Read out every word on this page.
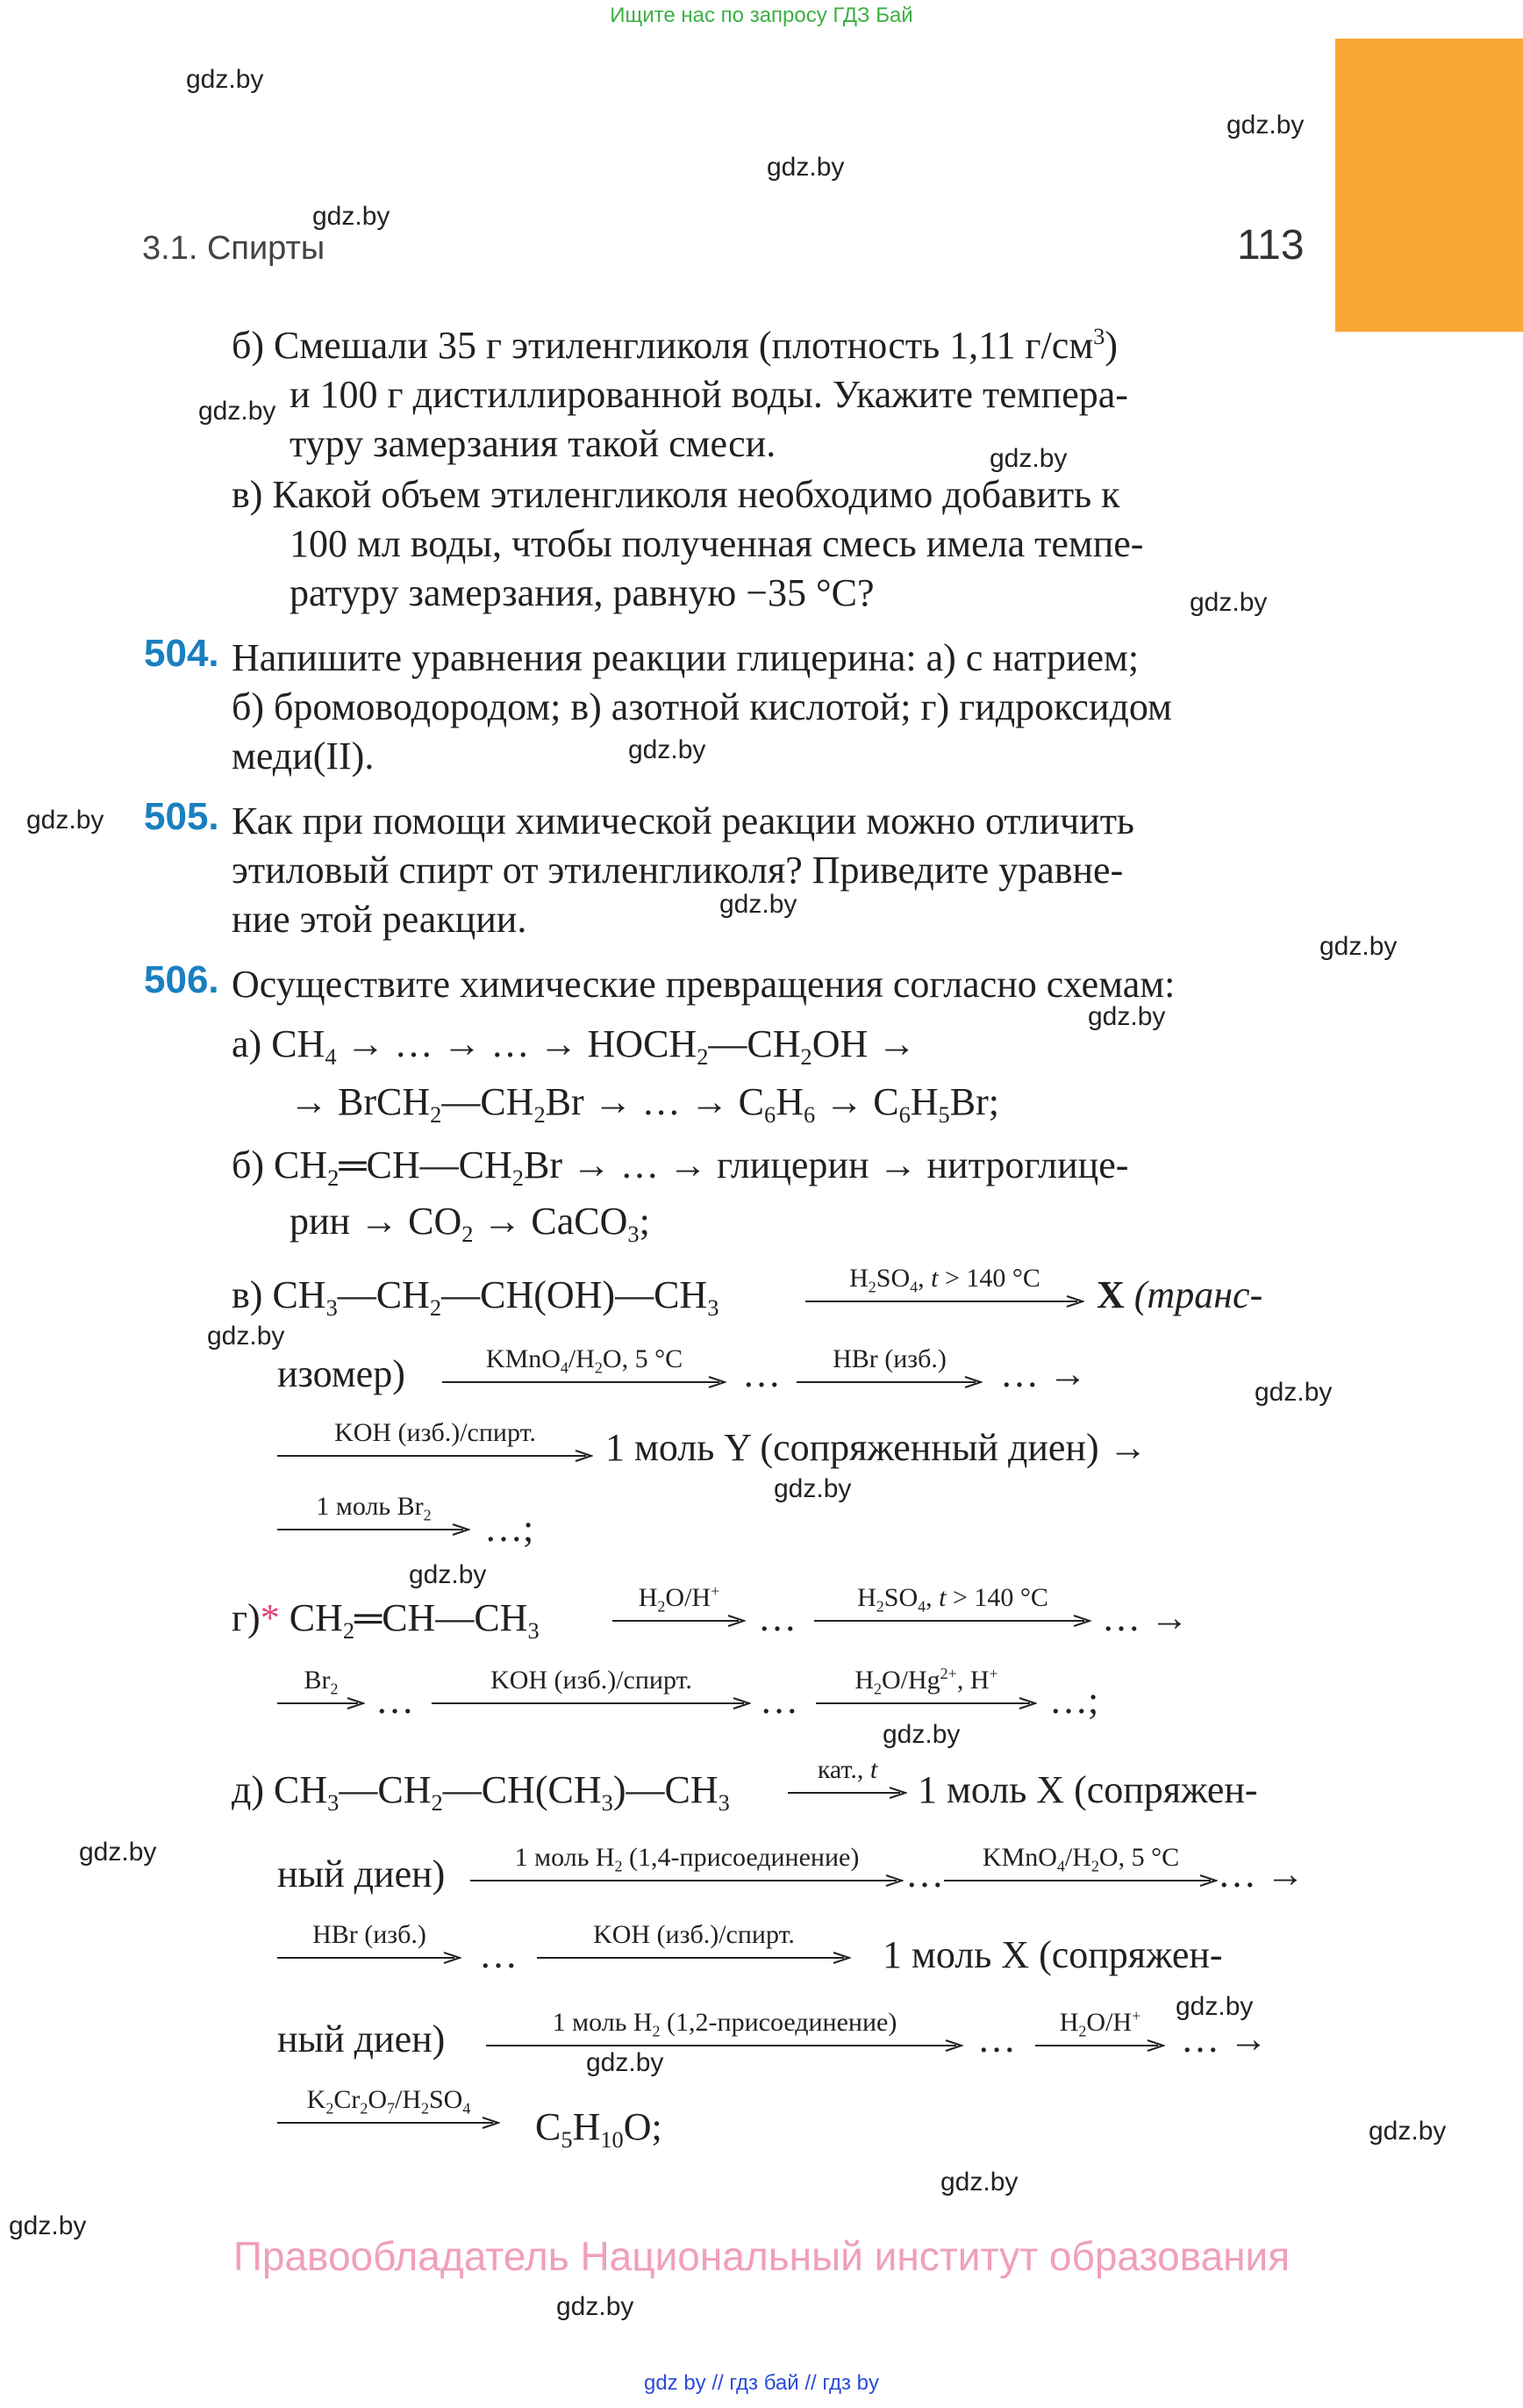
Ищите нас по запросу ГДЗ Бай
gdz.by
gdz.by
gdz.by
gdz.by
gdz.by
gdz.by
gdz.by
gdz.by
gdz.by
gdz.by
gdz.by
gdz.by
gdz.by
gdz.by
gdz.by
gdz.by
gdz.by
gdz.by
gdz.by
gdz.by
gdz.by
gdz.by
gdz.by
gdz.by
3.1. Спирты	113
б) Смешали 35 г этиленгликоля (плотность 1,11 $г/см^3$)
и 100 г дистиллированной воды. Укажите темпера-
туру замерзания такой смеси.
в) Какой объем этиленгликоля необходимо добавить к
100 мл воды, чтобы полученная смесь имела темпе-
ратуру замерзания, равную −35 °С?
504. Напишите уравнения реакции глицерина: а) с натрием;
б) бромоводородом; в) азотной кислотой; г) гидроксидом
меди(II).
505. Как при помощи химической реакции можно отличить
этиловый спирт от этиленгликоля? Приведите уравне-
ние этой реакции.
506. Осуществите химические превращения согласно схемам:
а) $CH_4$ → … → … → $HOCH_2—CH_2OH$ →
→ $BrCH_2—CH_2Br$ → … → $C_6H_6 \to C_6H_5Br$;
б) $CH_2═CH—CH_2Br$ → … → глицерин → нитроглице-
рин → $CO_2$ → CaCO$_3$;
в) $CH_3—CH_2—CH(OH)—CH_3$
$H_2SO_4$, t > 140 °C	X (транс-
изомер)	$KMnO_4/H_2O$, 5 °C	…	HBr (изб.)	… →
KOH (изб.)/спирт.	1 моль Y (сопряженный диен) →
1 моль $Br_2$	…;
г)* $CH_2═CH—CH_3$
$H_2O/H^+$
…	$H_2SO_4$, t > 140 °C	… →
$Br_2$ …	KOH (изб.)/спирт.	…	$H_2O/Hg^{2+}$, H+
…;
д) $CH_3—CH_2—CH(CH_3)—CH_3$
кат., t	1 моль X (сопряжен-
ный диен)	1 моль $H_2$ (1,4-присоединение)	…	$KMnO_4/H_2O$, 5 °C … →
HBr (изб.)	…	KOH (изб.)/спирт.	1 моль X (сопряжен-
ный диен)	1 моль $H_2$ (1,2-присоединение)	…	$H_2O/H^+$
… →
$K_2Cr_2O_7/H_2SO_4$	$C_5H_{10}O$;
Правообладатель Национальный институт образования
gdz by // гдз бай // гдз by
